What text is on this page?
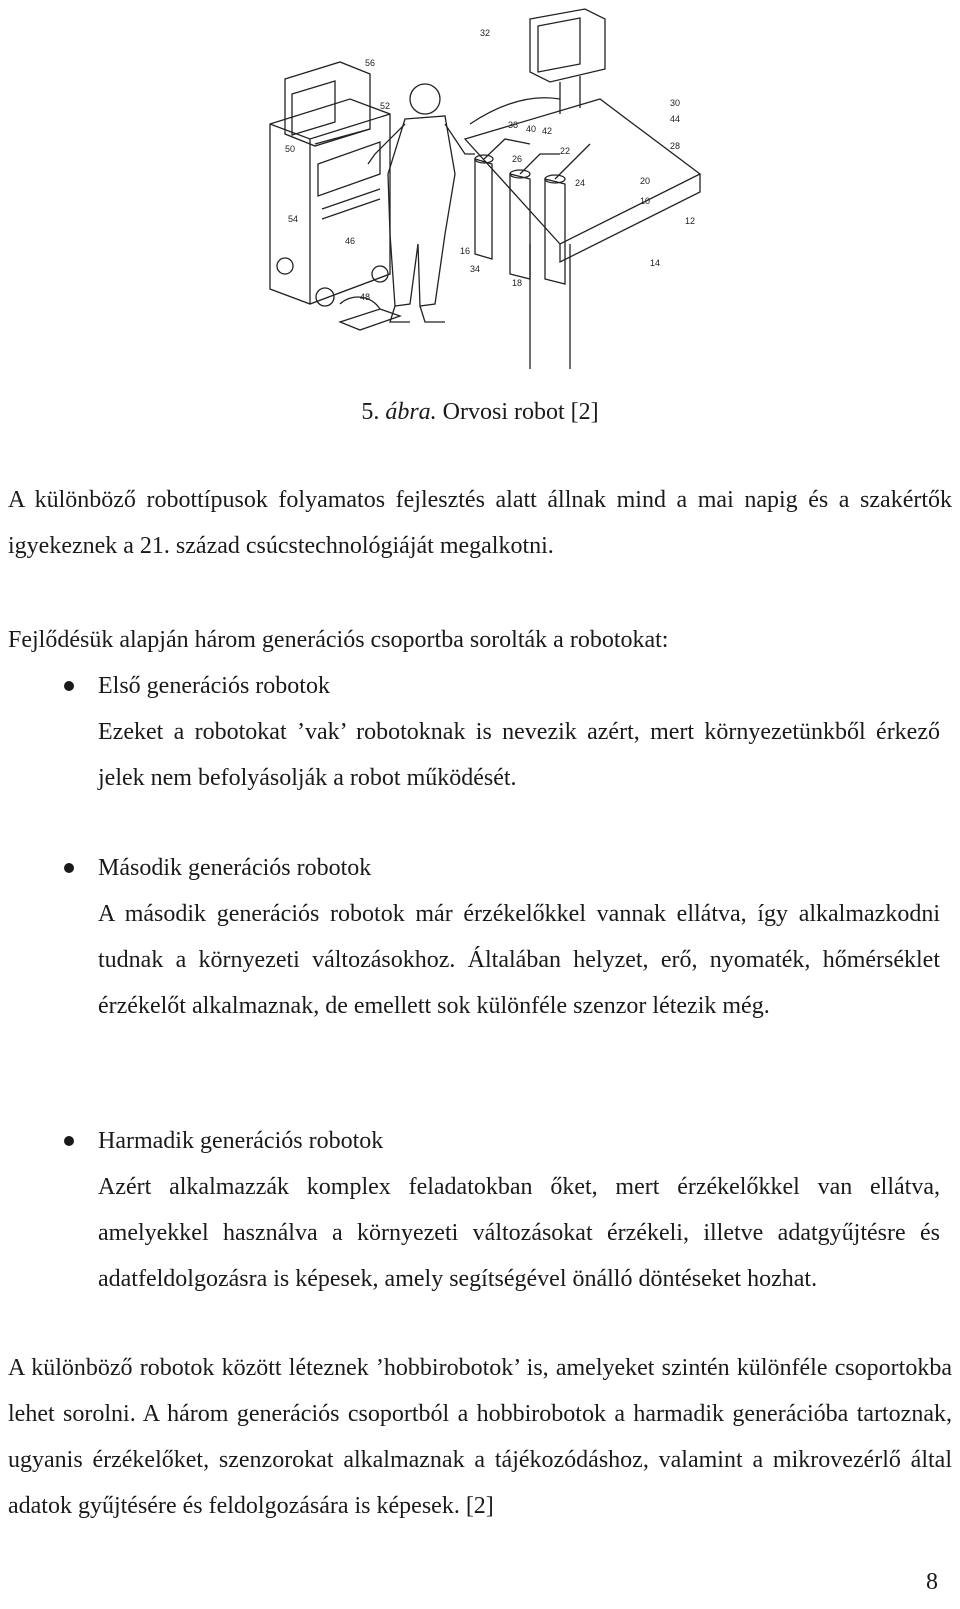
56
52
50
54
46
48
32
38 40 42
44
30
28
26
24
22
20
10
12
16
34
18
14
5. ábra. Orvosi robot [2]
A különböző robottípusok folyamatos fejlesztés alatt állnak mind a mai napig és a szakértők igyekeznek a 21. század csúcstechnológiáját megalkotni.
Fejlődésük alapján három generációs csoportba sorolták a robotokat:
Első generációs robotok
Ezeket a robotokat ’vak’ robotoknak is nevezik azért, mert környezetünkből érkező jelek nem befolyásolják a robot működését.
Második generációs robotok
A második generációs robotok már érzékelőkkel vannak ellátva, így alkalmazkodni tudnak a környezeti változásokhoz. Általában helyzet, erő, nyomaték, hőmérséklet érzékelőt alkalmaznak, de emellett sok különféle szenzor létezik még.
Harmadik generációs robotok
Azért alkalmazzák komplex feladatokban őket, mert érzékelőkkel van ellátva, amelyekkel használva a környezeti változásokat érzékeli, illetve adatgyűjtésre és adatfeldolgozásra is képesek, amely segítségével önálló döntéseket hozhat.
A különböző robotok között léteznek ’hobbirobotok’ is, amelyeket szintén különféle csoportokba lehet sorolni. A három generációs csoportból a hobbirobotok a harmadik generációba tartoznak, ugyanis érzékelőket, szenzorokat alkalmaznak a tájékozódáshoz, valamint a mikrovezérlő által adatok gyűjtésére és feldolgozására is képesek. [2]
8
